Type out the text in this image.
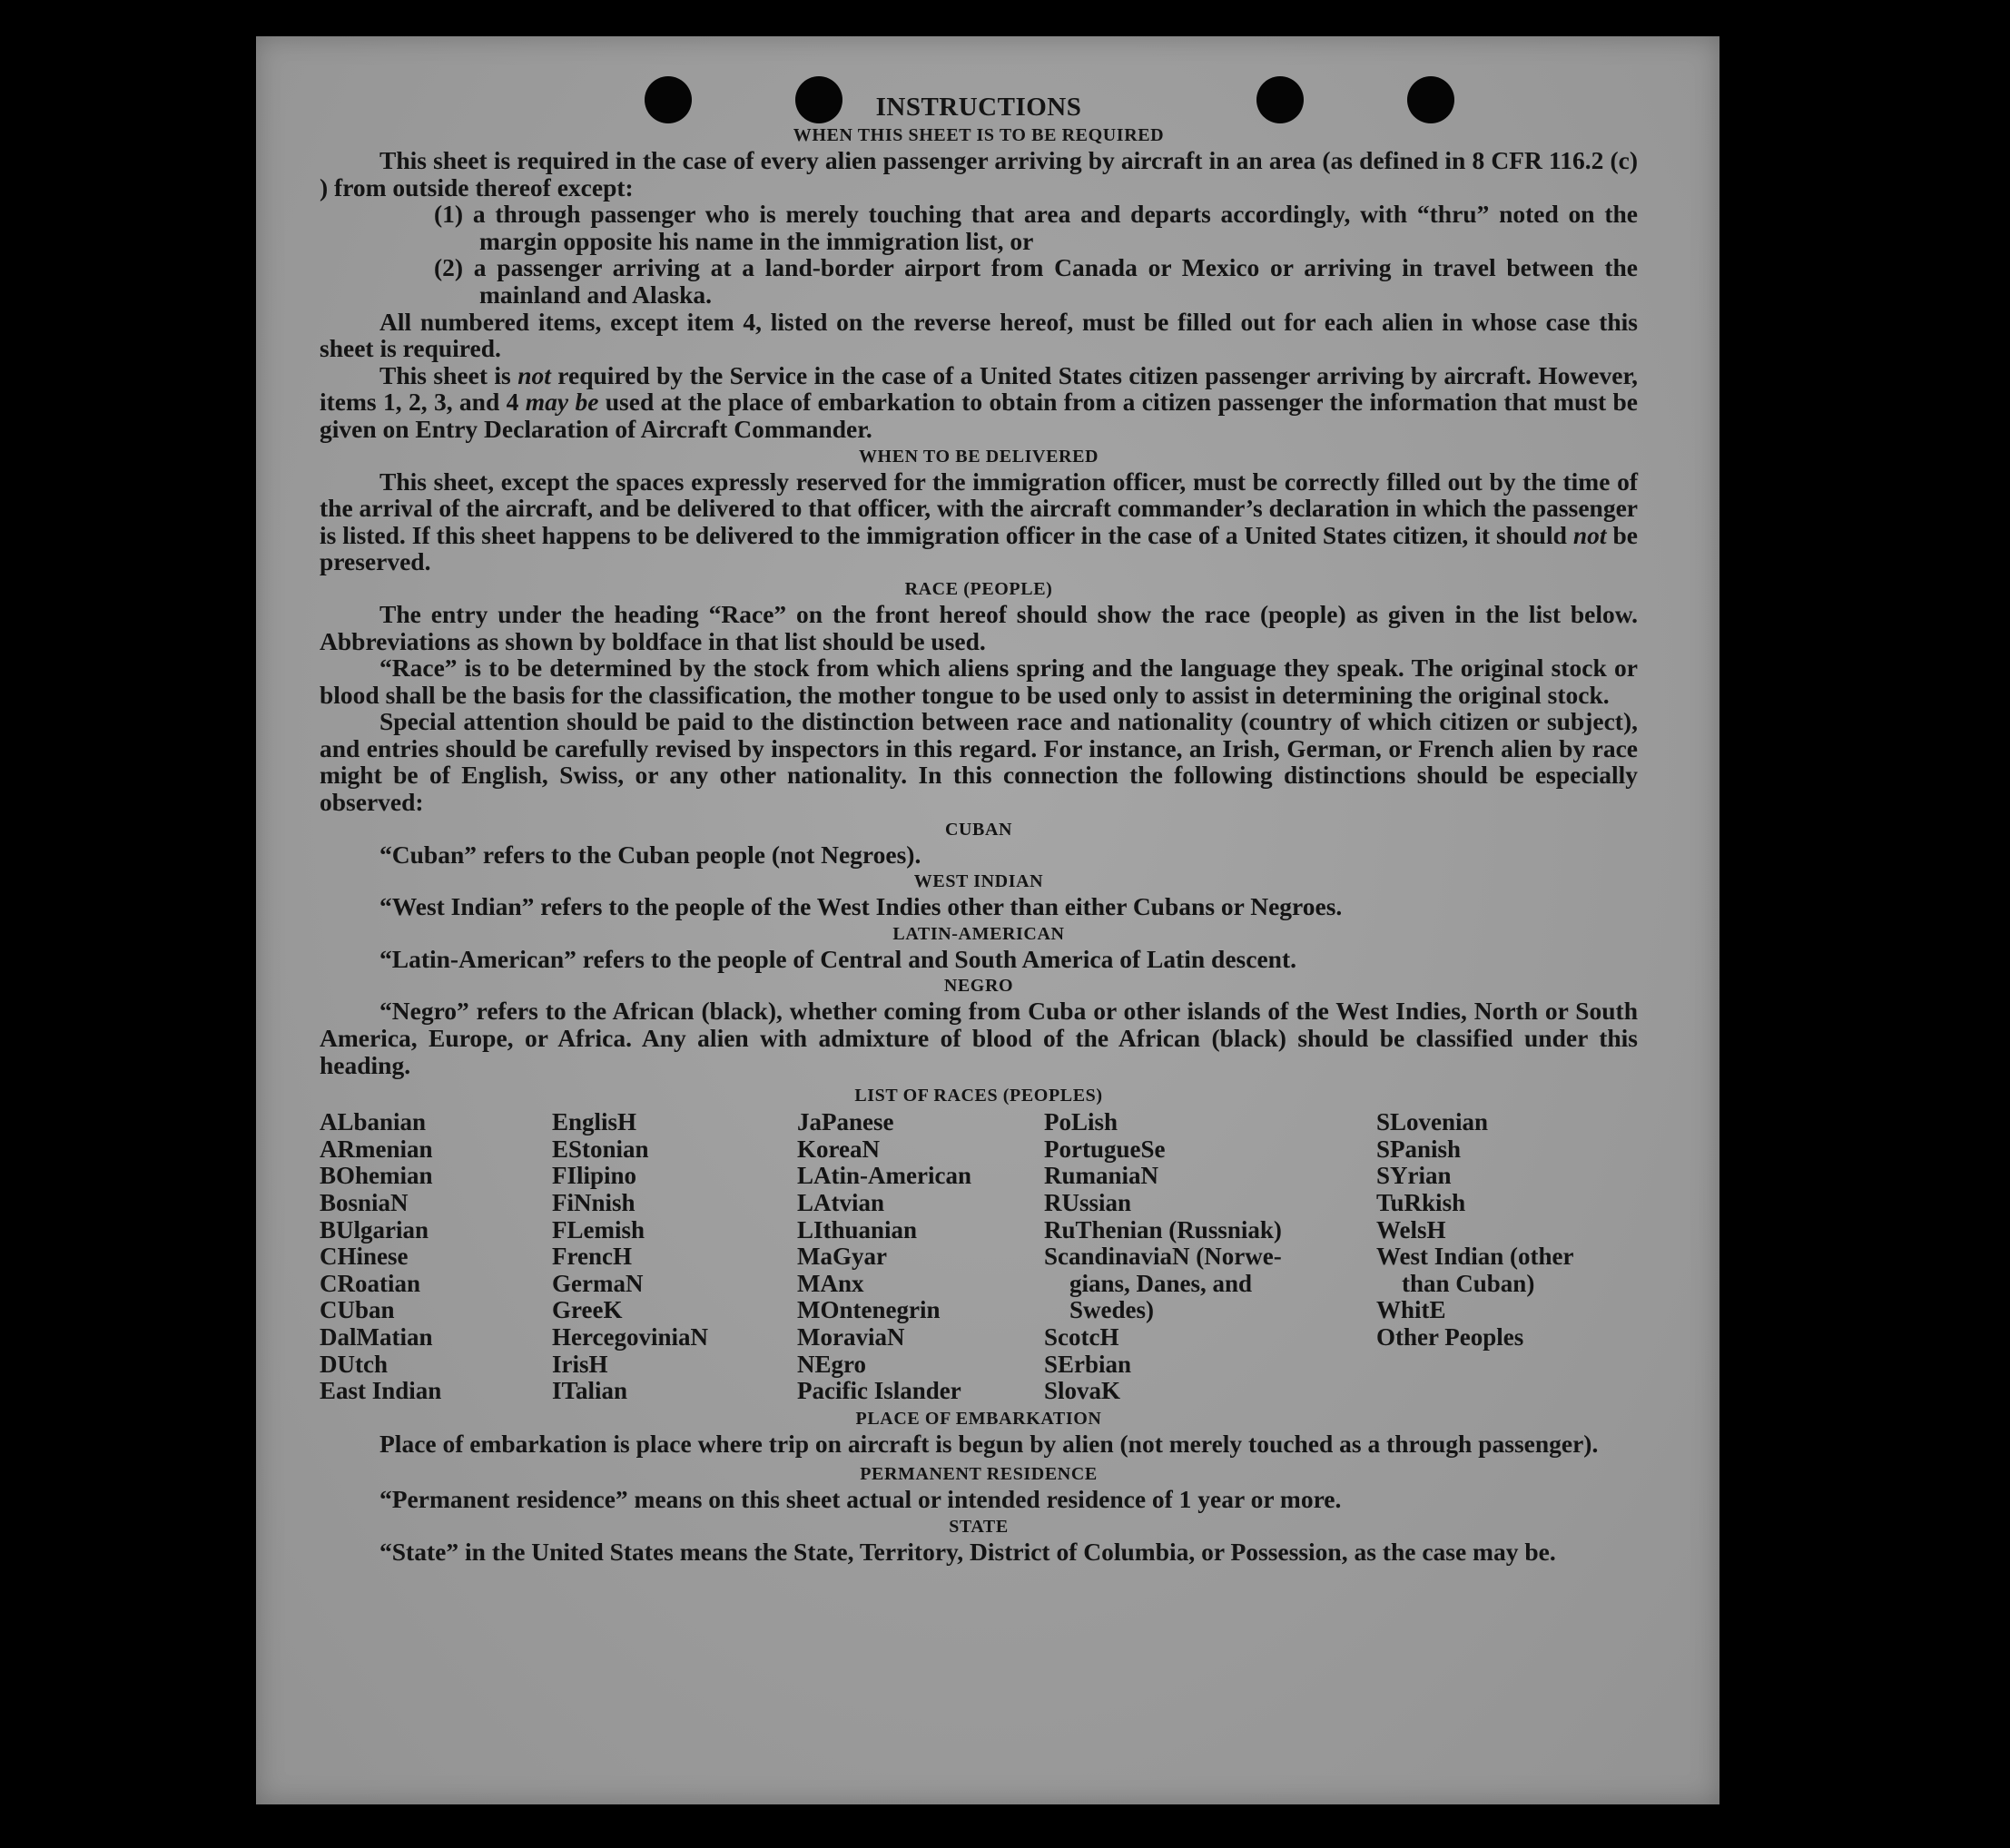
INSTRUCTIONS
WHEN THIS SHEET IS TO BE REQUIRED
This sheet is required in the case of every alien passenger arriving by aircraft in an area (as defined in 8 CFR 116.2 (c) ) from outside thereof except:
(1) a through passenger who is merely touching that area and departs accordingly, with “thru” noted on the margin opposite his name in the immigration list, or
(2) a passenger arriving at a land-border airport from Canada or Mexico or arriving in travel between the mainland and Alaska.
All numbered items, except item 4, listed on the reverse hereof, must be filled out for each alien in whose case this sheet is required.
This sheet is not required by the Service in the case of a United States citizen passenger arriving by aircraft. However, items 1, 2, 3, and 4 may be used at the place of embarkation to obtain from a citizen passenger the information that must be given on Entry Declaration of Aircraft Commander.
WHEN TO BE DELIVERED
This sheet, except the spaces expressly reserved for the immigration officer, must be correctly filled out by the time of the arrival of the aircraft, and be delivered to that officer, with the aircraft commander’s declaration in which the passenger is listed. If this sheet happens to be delivered to the immigration officer in the case of a United States citizen, it should not be preserved.
RACE (PEOPLE)
The entry under the heading “Race” on the front hereof should show the race (people) as given in the list below. Abbreviations as shown by boldface in that list should be used.
“Race” is to be determined by the stock from which aliens spring and the language they speak. The original stock or blood shall be the basis for the classification, the mother tongue to be used only to assist in determining the original stock.
Special attention should be paid to the distinction between race and nationality (country of which citizen or subject), and entries should be carefully revised by inspectors in this regard. For instance, an Irish, German, or French alien by race might be of English, Swiss, or any other nationality. In this connection the following distinctions should be especially observed:
CUBAN
“Cuban” refers to the Cuban people (not Negroes).
WEST INDIAN
“West Indian” refers to the people of the West Indies other than either Cubans or Negroes.
LATIN-AMERICAN
“Latin-American” refers to the people of Central and South America of Latin descent.
NEGRO
“Negro” refers to the African (black), whether coming from Cuba or other islands of the West Indies, North or South America, Europe, or Africa. Any alien with admixture of blood of the African (black) should be classified under this heading.
LIST OF RACES (PEOPLES)
ALbanian
ARmenian
BOhemian
BosniaN
BUlgarian
CHinese
CRoatian
CUban
DalMatian
DUtch
East Indian
EnglisH
EStonian
FIlipino
FiNnish
FLemish
FrencH
GermaN
GreeK
HercegoviniaN
IrisH
ITalian
JaPanese
KoreaN
LAtin-American
LAtvian
LIthuanian
MaGyar
MAnx
MOntenegrin
MoraviaN
NEgro
Pacific Islander
PoLish
PortugueSe
RumaniaN
RUssian
RuThenian (Russniak)
ScandinaviaN (Norwe-
gians, Danes, and
Swedes)
ScotcH
SErbian
SlovaK
SLovenian
SPanish
SYrian
TuRkish
WelsH
West Indian (other
than Cuban)
WhitE
Other Peoples
PLACE OF EMBARKATION
Place of embarkation is place where trip on aircraft is begun by alien (not merely touched as a through passenger).
PERMANENT RESIDENCE
“Permanent residence” means on this sheet actual or intended residence of 1 year or more.
STATE
“State” in the United States means the State, Territory, District of Columbia, or Possession, as the case may be.
